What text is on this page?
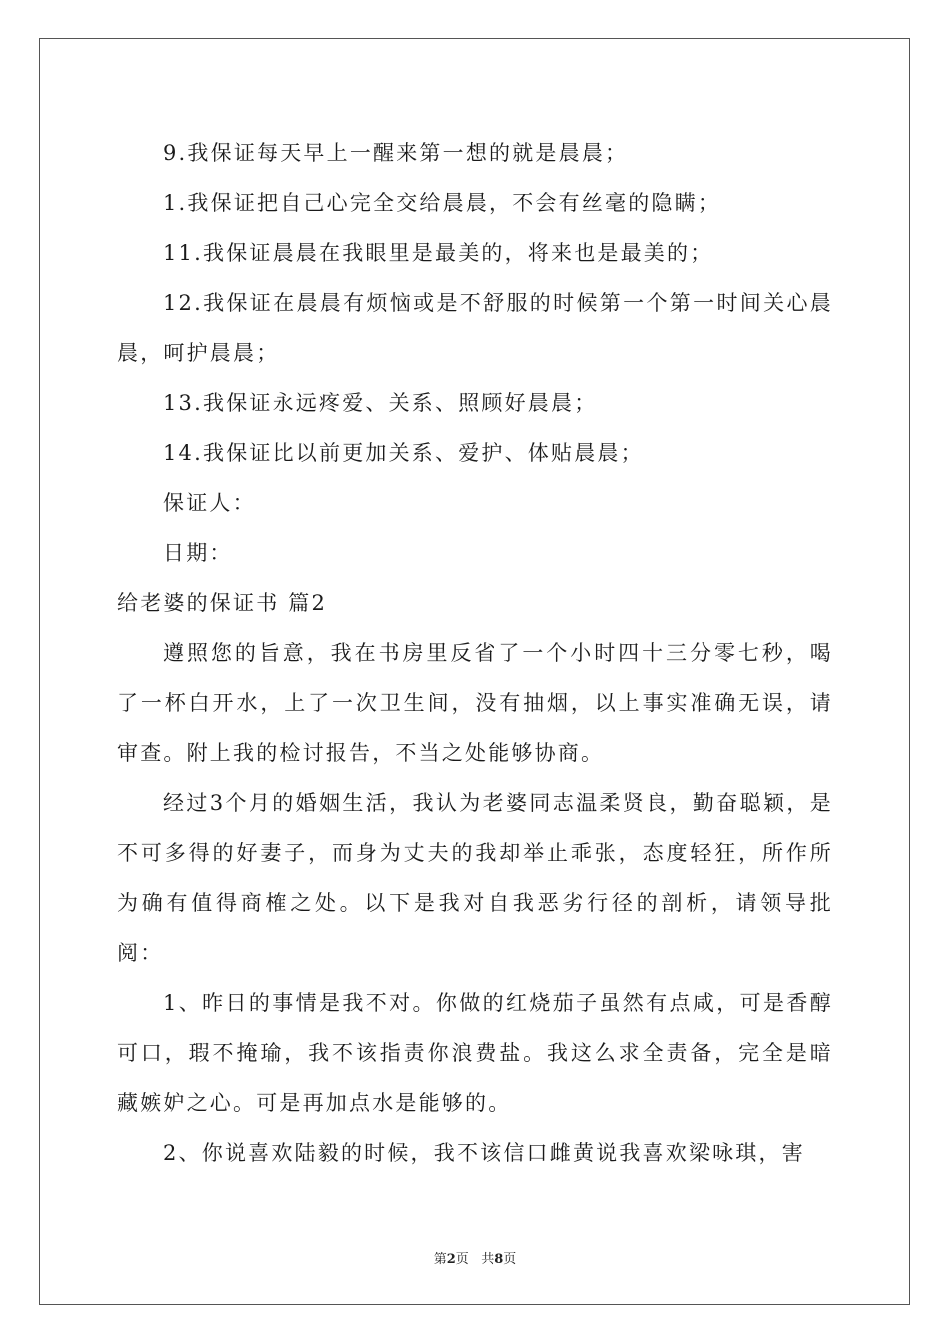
9.我保证每天早上一醒来第一想的就是晨晨；

1.我保证把自己心完全交给晨晨，不会有丝毫的隐瞒；

11.我保证晨晨在我眼里是最美的，将来也是最美的；

12.我保证在晨晨有烦恼或是不舒服的时候第一个第一时间关心晨晨，呵护晨晨；

13.我保证永远疼爱、关系、照顾好晨晨；

14.我保证比以前更加关系、爱护、体贴晨晨；

保证人：

日期：

给老婆的保证书 篇2

遵照您的旨意，我在书房里反省了一个小时四十三分零七秒，喝了一杯白开水，上了一次卫生间，没有抽烟，以上事实准确无误，请审查。附上我的检讨报告，不当之处能够协商。

经过3个月的婚姻生活，我认为老婆同志温柔贤良，勤奋聪颖，是不可多得的好妻子，而身为丈夫的我却举止乖张，态度轻狂，所作所为确有值得商榷之处。以下是我对自我恶劣行径的剖析，请领导批阅：

1、昨日的事情是我不对。你做的红烧茄子虽然有点咸，可是香醇可口，瑕不掩瑜，我不该指责你浪费盐。我这么求全责备，完全是暗藏嫉妒之心。可是再加点水是能够的。

2、你说喜欢陆毅的时候，我不该信口雌黄说我喜欢梁咏琪，害

第2页 共8页
